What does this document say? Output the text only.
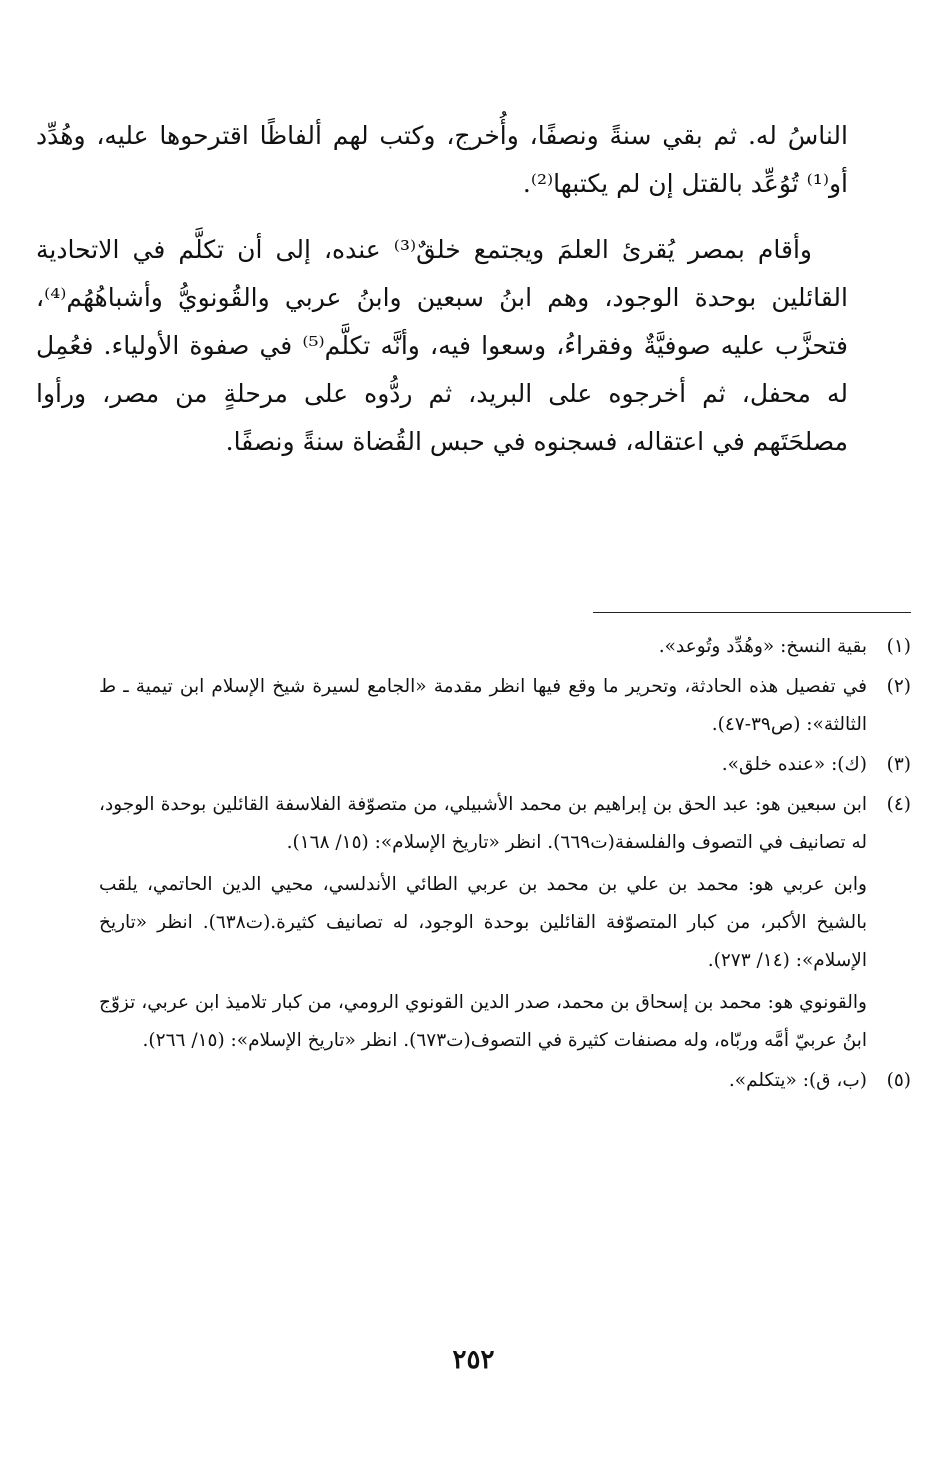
الناسُ له. ثم بقي سنةً ونصفًا، وأُخرج، وكتب لهم ألفاظًا اقترحوها عليه، وهُدِّد أو⁽¹⁾ تُوُعِّد بالقتل إن لم يكتبها⁽²⁾.

وأقام بمصر يُقرئ العلمَ ويجتمع خلقٌ⁽³⁾ عنده، إلى أن تكلَّم في الاتحادية القائلين بوحدة الوجود، وهم ابنُ سبعين وابنُ عربي والقُونويُّ وأشباهُهُم⁽⁴⁾، فتحزَّب عليه صوفيَّةٌ وفقراءُ، وسعوا فيه، وأنَّه تكلَّم⁽⁵⁾ في صفوة الأولياء. فعُمِل له محفل، ثم أخرجوه على البريد، ثم ردُّوه على مرحلةٍ من مصر، ورأوا مصلحَتَهم في اعتقاله، فسجنوه في حبس القُضاة سنةً ونصفًا.

(١)

بقية النسخ: «وهُدِّد وتُوعد».

(٢)

في تفصيل هذه الحادثة، وتحرير ما وقع فيها انظر مقدمة «الجامع لسيرة شيخ الإسلام ابن تيمية ـ ط الثالثة»: (ص٣٩-٤٧).

(٣)

(ك): «عنده خلق».

(٤)

ابن سبعين هو: عبد الحق بن إبراهيم بن محمد الأشبيلي، من متصوّفة الفلاسفة القائلين بوحدة الوجود، له تصانيف في التصوف والفلسفة(ت٦٦٩). انظر «تاريخ الإسلام»: (١٥/ ١٦٨).

وابن عربي هو: محمد بن علي بن محمد بن عربي الطائي الأندلسي، محيي الدين الحاتمي، يلقب بالشيخ الأكبر، من كبار المتصوّفة القائلين بوحدة الوجود، له تصانيف كثيرة.(ت٦٣٨). انظر «تاريخ الإسلام»: (١٤/ ٢٧٣).

والقونوي هو: محمد بن إسحاق بن محمد، صدر الدين القونوي الرومي، من كبار تلاميذ ابن عربي، تزوّج ابنُ عربيّ أمَّه وربّاه، وله مصنفات كثيرة في التصوف(ت٦٧٣). انظر «تاريخ الإسلام»: (١٥/ ٢٦٦).

(٥)

(ب، ق): «يتكلم».

٢٥٢
